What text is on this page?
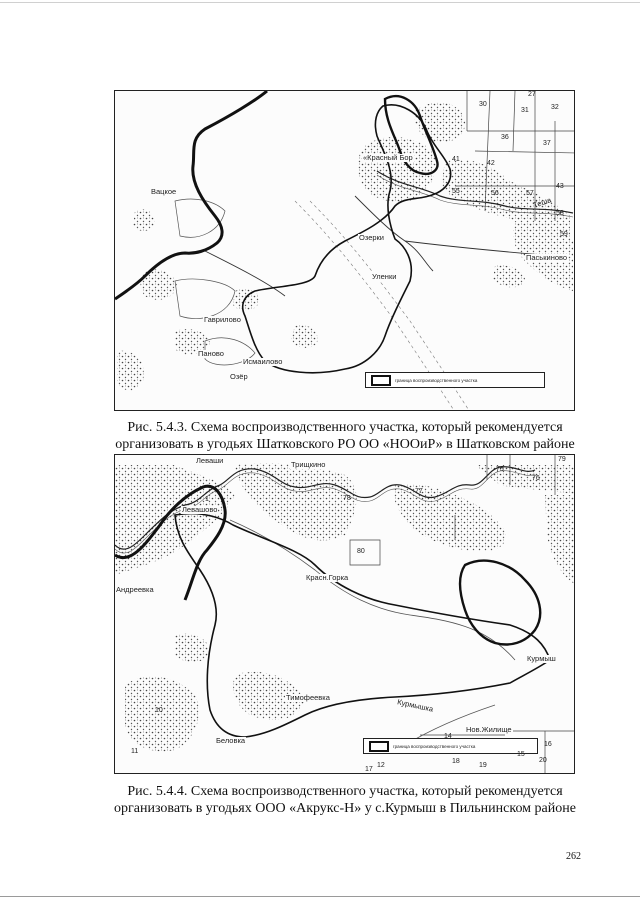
граница воспроизводственного участка
Вацкое
«Красный Бор
Озерки
Уленки
Гаврилово
Паново
Исмаилово
Паськиново
Теша
Озёр
27
30
31	32
36
37
41
42
43
55	56	57
58
59
Рис. 5.4.3. Схема воспроизводственного участка, который рекомендуется
организовать в угодьях Шатковского РО ОО «НООиР» в Шатковском районе
граница воспроизводственного участка
Леваши
Левашово
Трищкино
Андреевка
Красн.Горка
Курмыш
Тимофеевка	Курмышка
Беловка
Нов.Жилище
1
10
11
12
14
15
16
17
18
19
20
75
76
77
78
79
80
Рис. 5.4.4. Схема воспроизводственного участка, который рекомендуется
организовать в угодьях ООО «Акрукс-Н» у с.Курмыш в Пильнинском районе
262
